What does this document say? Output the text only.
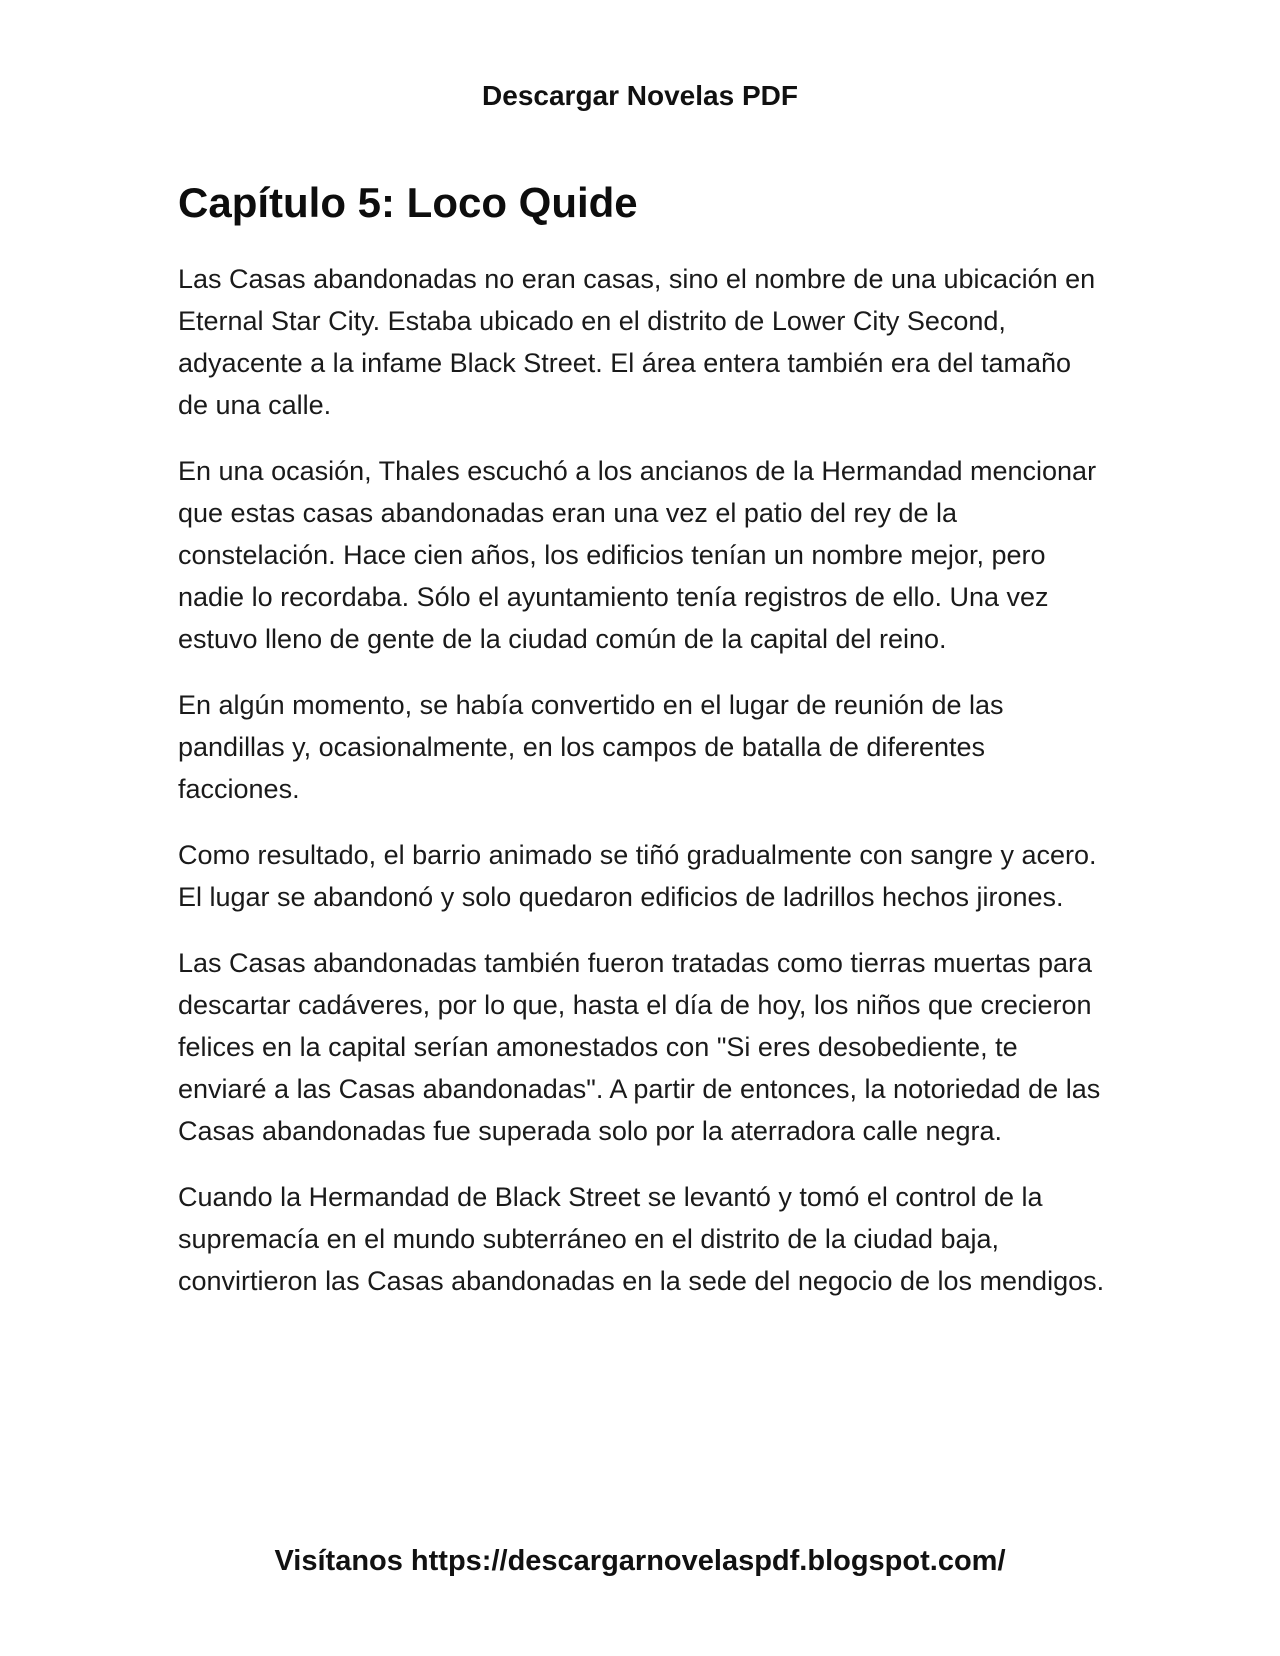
Descargar Novelas PDF
Capítulo 5: Loco Quide

Las Casas abandonadas no eran casas, sino el nombre de una ubicación en Eternal Star City. Estaba ubicado en el distrito de Lower City Second, adyacente a la infame Black Street. El área entera también era del tamaño de una calle.

En una ocasión, Thales escuchó a los ancianos de la Hermandad mencionar que estas casas abandonadas eran una vez el patio del rey de la constelación. Hace cien años, los edificios tenían un nombre mejor, pero nadie lo recordaba. Sólo el ayuntamiento tenía registros de ello. Una vez estuvo lleno de gente de la ciudad común de la capital del reino.

En algún momento, se había convertido en el lugar de reunión de las pandillas y, ocasionalmente, en los campos de batalla de diferentes facciones.

Como resultado, el barrio animado se tiñó gradualmente con sangre y acero. El lugar se abandonó y solo quedaron edificios de ladrillos hechos jirones.

Las Casas abandonadas también fueron tratadas como tierras muertas para descartar cadáveres, por lo que, hasta el día de hoy, los niños que crecieron felices en la capital serían amonestados con "Si eres desobediente, te enviaré a las Casas abandonadas". A partir de entonces, la notoriedad de las Casas abandonadas fue superada solo por la aterradora calle negra.

Cuando la Hermandad de Black Street se levantó y tomó el control de la supremacía en el mundo subterráneo en el distrito de la ciudad baja, convirtieron las Casas abandonadas en la sede del negocio de los mendigos.

Visítanos https://descargarnovelaspdf.blogspot.com/
